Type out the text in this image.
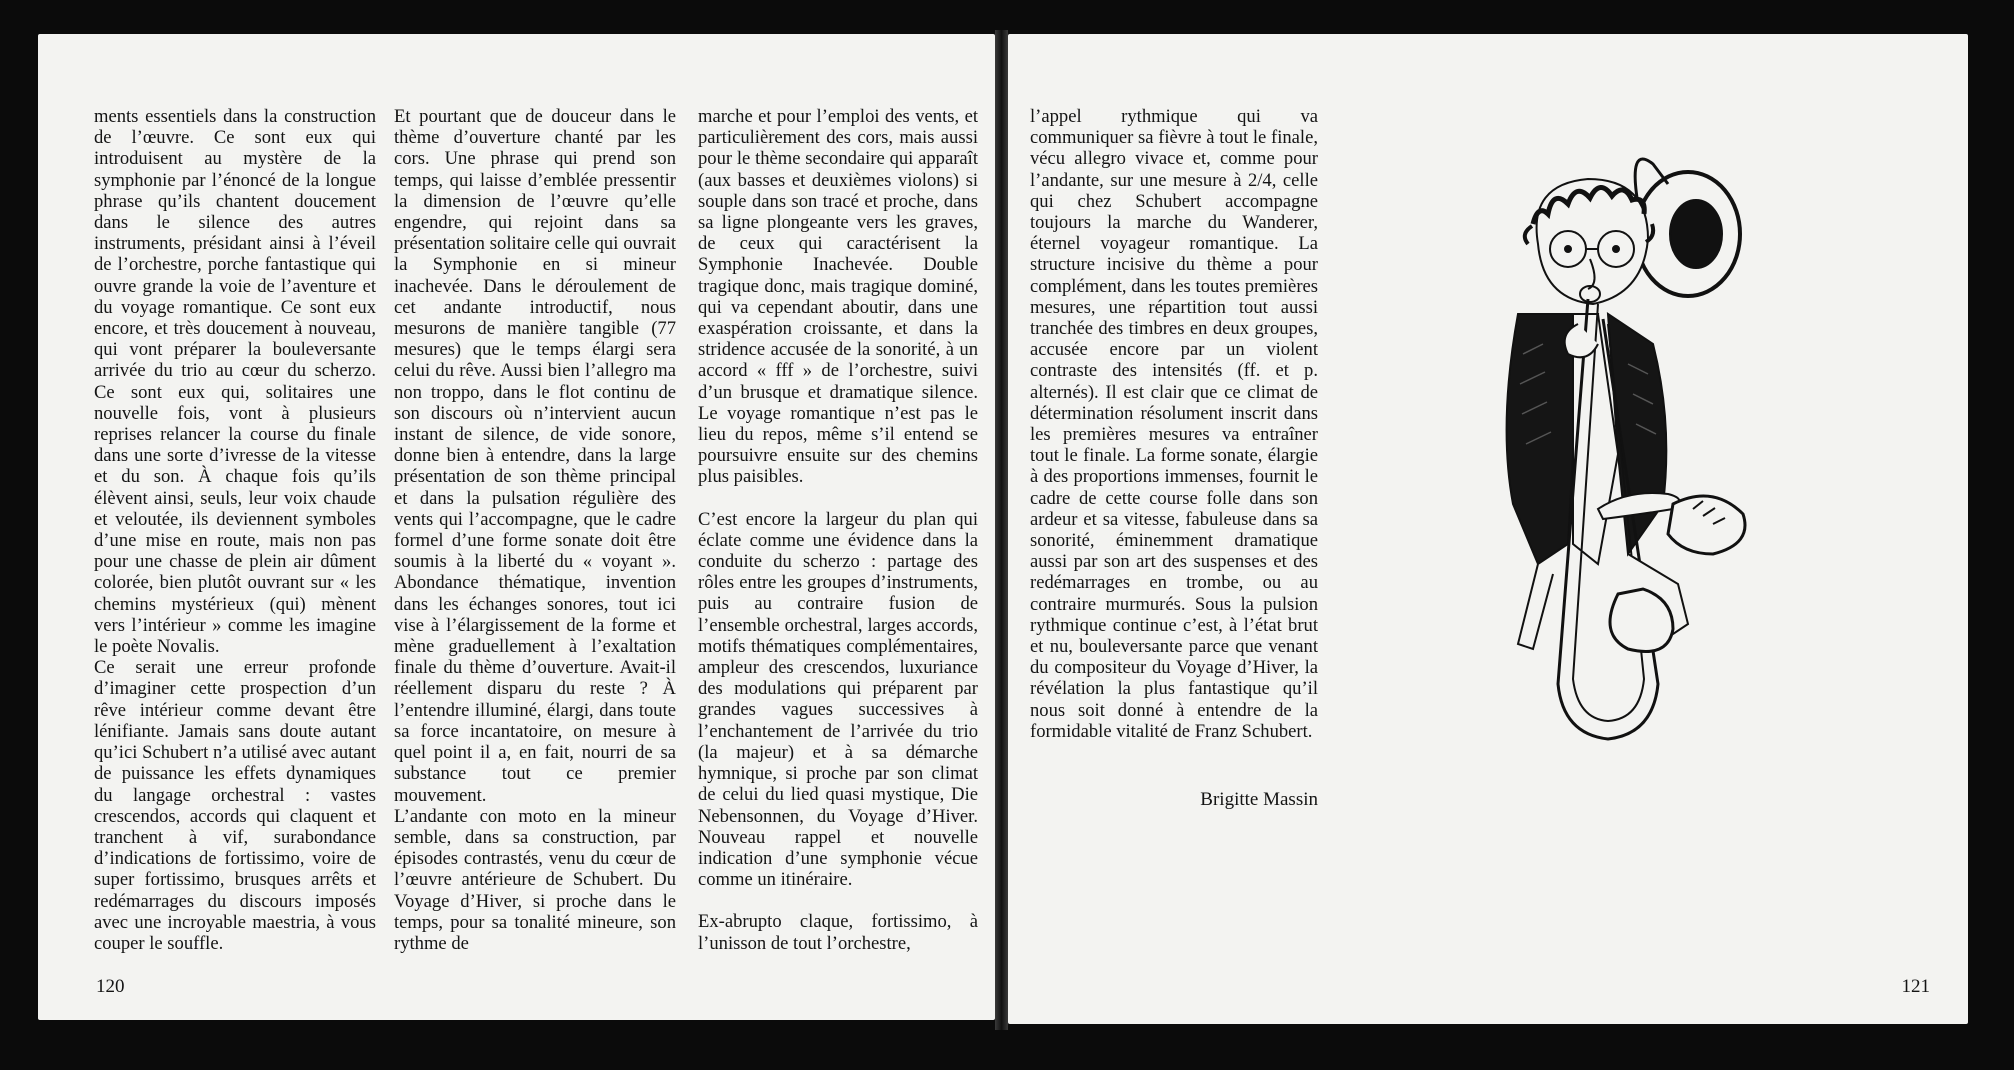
ments essentiels dans la construction de l’œuvre. Ce sont eux qui introduisent au mystère de la symphonie par l’énoncé de la longue phrase qu’ils chantent doucement dans le silence des autres instruments, présidant ainsi à l’éveil de l’orchestre, porche fantastique qui ouvre grande la voie de l’aventure et du voyage romantique. Ce sont eux encore, et très doucement à nouveau, qui vont préparer la bouleversante arrivée du trio au cœur du scherzo. Ce sont eux qui, solitaires une nouvelle fois, vont à plusieurs reprises relancer la course du finale dans une sorte d’ivresse de la vitesse et du son. À chaque fois qu’ils élèvent ainsi, seuls, leur voix chaude et veloutée, ils deviennent symboles d’une mise en route, mais non pas pour une chasse de plein air dûment colorée, bien plutôt ouvrant sur « les chemins mystérieux (qui) mènent vers l’intérieur » comme les imagine le poète Novalis.

Ce serait une erreur profonde d’imaginer cette prospection d’un rêve intérieur comme devant être lénifiante. Jamais sans doute autant qu’ici Schubert n’a utilisé avec autant de puissance les effets dynamiques du langage orchestral : vastes crescendos, accords qui claquent et tranchent à vif, surabondance d’indications de fortissimo, voire de super fortissimo, brusques arrêts et redémarrages du discours imposés avec une incroyable maestria, à vous couper le souffle.

Et pourtant que de douceur dans le thème d’ouverture chanté par les cors. Une phrase qui prend son temps, qui laisse d’emblée pressentir la dimension de l’œuvre qu’elle engendre, qui rejoint dans sa présentation solitaire celle qui ouvrait la Symphonie en si mineur inachevée. Dans le déroulement de cet andante introductif, nous mesurons de manière tangible (77 mesures) que le temps élargi sera celui du rêve. Aussi bien l’allegro ma non troppo, dans le flot continu de son discours où n’intervient aucun instant de silence, de vide sonore, donne bien à entendre, dans la large présentation de son thème principal et dans la pulsation régulière des vents qui l’accompagne, que le cadre formel d’une forme sonate doit être soumis à la liberté du « voyant ». Abondance thématique, invention dans les échanges sonores, tout ici vise à l’élargissement de la forme et mène graduellement à l’exaltation finale du thème d’ouverture. Avait-il réellement disparu du reste ? À l’entendre illuminé, élargi, dans toute sa force incantatoire, on mesure à quel point il a, en fait, nourri de sa substance tout ce premier mouvement.

L’andante con moto en la mineur semble, dans sa construction, par épisodes contrastés, venu du cœur de l’œuvre antérieure de Schubert. Du Voyage d’Hiver, si proche dans le temps, pour sa tonalité mineure, son rythme de

marche et pour l’emploi des vents, et particulièrement des cors, mais aussi pour le thème secondaire qui apparaît (aux basses et deuxièmes violons) si souple dans son tracé et proche, dans sa ligne plongeante vers les graves, de ceux qui caractérisent la Symphonie Inachevée. Double tragique donc, mais tragique dominé, qui va cependant aboutir, dans une exaspération croissante, et dans la stridence accusée de la sonorité, à un accord « fff » de l’orchestre, suivi d’un brusque et dramatique silence. Le voyage romantique n’est pas le lieu du repos, même s’il entend se poursuivre ensuite sur des chemins plus paisibles.

C’est encore la largeur du plan qui éclate comme une évidence dans la conduite du scherzo : partage des rôles entre les groupes d’instruments, puis au contraire fusion de l’ensemble orchestral, larges accords, motifs thématiques complémentaires, ampleur des crescendos, luxuriance des modulations qui préparent par grandes vagues successives à l’enchantement de l’arrivée du trio (la majeur) et à sa démarche hymnique, si proche par son climat de celui du lied quasi mystique, Die Nebensonnen, du Voyage d’Hiver. Nouveau rappel et nouvelle indication d’une symphonie vécue comme un itinéraire.

Ex-abrupto claque, fortissimo, à l’unisson de tout l’orchestre,

120

l’appel rythmique qui va communiquer sa fièvre à tout le finale, vécu allegro vivace et, comme pour l’andante, sur une mesure à 2/4, celle qui chez Schubert accompagne toujours la marche du Wanderer, éternel voyageur romantique. La structure incisive du thème a pour complément, dans les toutes premières mesures, une répartition tout aussi tranchée des timbres en deux groupes, accusée encore par un violent contraste des intensités (ff. et p. alternés). Il est clair que ce climat de détermination résolument inscrit dans les premières mesures va entraîner tout le finale. La forme sonate, élargie à des proportions immenses, fournit le cadre de cette course folle dans son ardeur et sa vitesse, fabuleuse dans sa sonorité, éminemment dramatique aussi par son art des suspenses et des redémarrages en trombe, ou au contraire murmurés. Sous la pulsion rythmique continue c’est, à l’état brut et nu, bouleversante parce que venant du compositeur du Voyage d’Hiver, la révélation la plus fantastique qu’il nous soit donné à entendre de la formidable vitalité de Franz Schubert.

Brigitte Massin
121
